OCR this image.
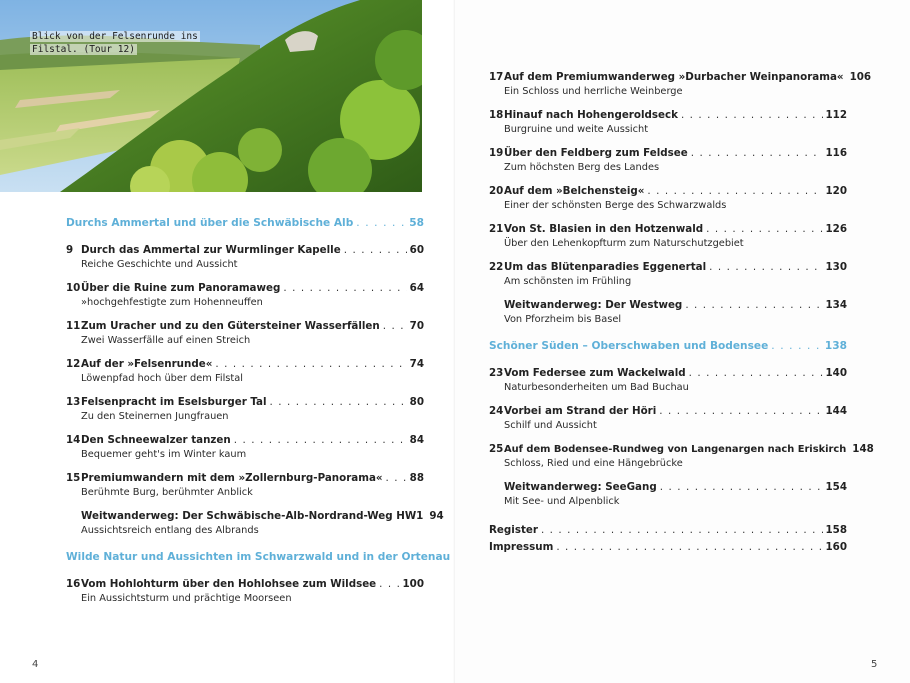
Blick von der Felsenrunde ins
Filstal. (Tour 12)
Durchs Ammertal und über die Schwäbische Alb . . .	58
9 Durch das Ammertal zur Wurmlinger Kapelle . . .	60
Reiche Geschichte und Aussicht
10 Über die Ruine zum Panoramaweg . . .	64
»hochgehfestigte zum Hohenneuffen
11 Zum Uracher und zu den Gütersteiner Wasserfällen . . .	70
Zwei Wasserfälle auf einen Streich
12 Auf der »Felsenrunde« . . .	74
Löwenpfad hoch über dem Filstal
13 Felsenpracht im Eselsburger Tal . . .	80
Zu den Steinernen Jungfrauen
14 Den Schneewalzer tanzen . . .	84
Bequemer geht's im Winter kaum
15 Premiumwandern mit dem »Zollernburg-Panorama« . . .	88
Berühmte Burg, berühmter Anblick
Weitwanderweg: Der Schwäbische-Alb-Nordrand-Weg HW1 94
Aussichtsreich entlang des Albrands
Wilde Natur und Aussichten im Schwarzwald und in der Ortenau
16 Vom Hohlohturm über den Hohlohsee zum Wildsee . . .	100
Ein Aussichtsturm und prächtige Moorseen
4	5
17 Auf dem Premiumwanderweg »Durbacher Weinpanorama« 106
Ein Schloss und herrliche Weinberge
18 Hinauf nach Hohengeroldseck . . .	112
Burgruine und weite Aussicht
19 Über den Feldberg zum Feldsee . . .	116
Zum höchsten Berg des Landes
20 Auf dem »Belchensteig« . . .	120
Einer der schönsten Berge des Schwarzwalds
21 Von St. Blasien in den Hotzenwald . . .	126
Über den Lehenkopfturm zum Naturschutzgebiet
22 Um das Blütenparadies Eggenertal . . .	130
Am schönsten im Frühling
Weitwanderweg: Der Westweg . . .	134
Von Pforzheim bis Basel
Schöner Süden – Oberschwaben und Bodensee . . .	138
23 Vom Federsee zum Wackelwald . . .	140
Naturbesonderheiten um Bad Buchau
24 Vorbei am Strand der Höri . . .	144
Schilf und Aussicht
25 Auf dem Bodensee-Rundweg von Langenargen nach Eriskirch 148
Schloss, Ried und eine Hängebrücke
Weitwanderweg: SeeGang . . .	154
Mit See- und Alpenblick
Register . . .	158
Impressum . . .	160
